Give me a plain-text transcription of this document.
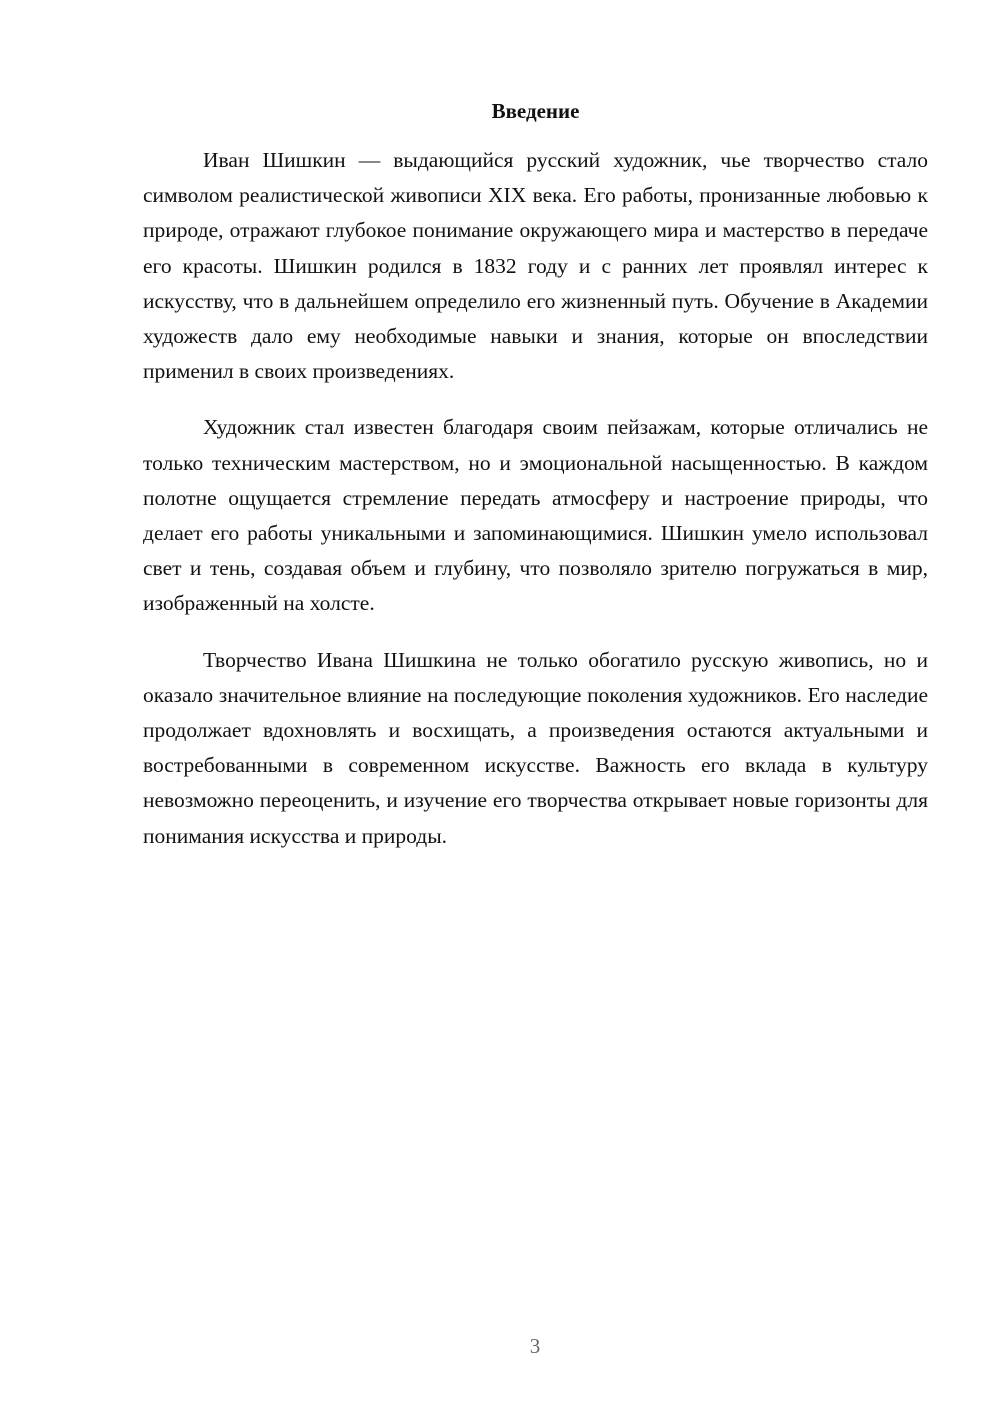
Введение

Иван Шишкин — выдающийся русский художник, чье творчество стало символом реалистической живописи XIX века. Его работы, пронизанные любовью к природе, отражают глубокое понимание окружающего мира и мастерство в передаче его красоты. Шишкин родился в 1832 году и с ранних лет проявлял интерес к искусству, что в дальнейшем определило его жизненный путь. Обучение в Академии художеств дало ему необходимые навыки и знания, которые он впоследствии применил в своих произведениях.

Художник стал известен благодаря своим пейзажам, которые отличались не только техническим мастерством, но и эмоциональной насыщенностью. В каждом полотне ощущается стремление передать атмосферу и настроение природы, что делает его работы уникальными и запоминающимися. Шишкин умело использовал свет и тень, создавая объем и глубину, что позволяло зрителю погружаться в мир, изображенный на холсте.

Творчество Ивана Шишкина не только обогатило русскую живопись, но и оказало значительное влияние на последующие поколения художников. Его наследие продолжает вдохновлять и восхищать, а произведения остаются актуальными и востребованными в современном искусстве. Важность его вклада в культуру невозможно переоценить, и изучение его творчества открывает новые горизонты для понимания искусства и природы.

3
